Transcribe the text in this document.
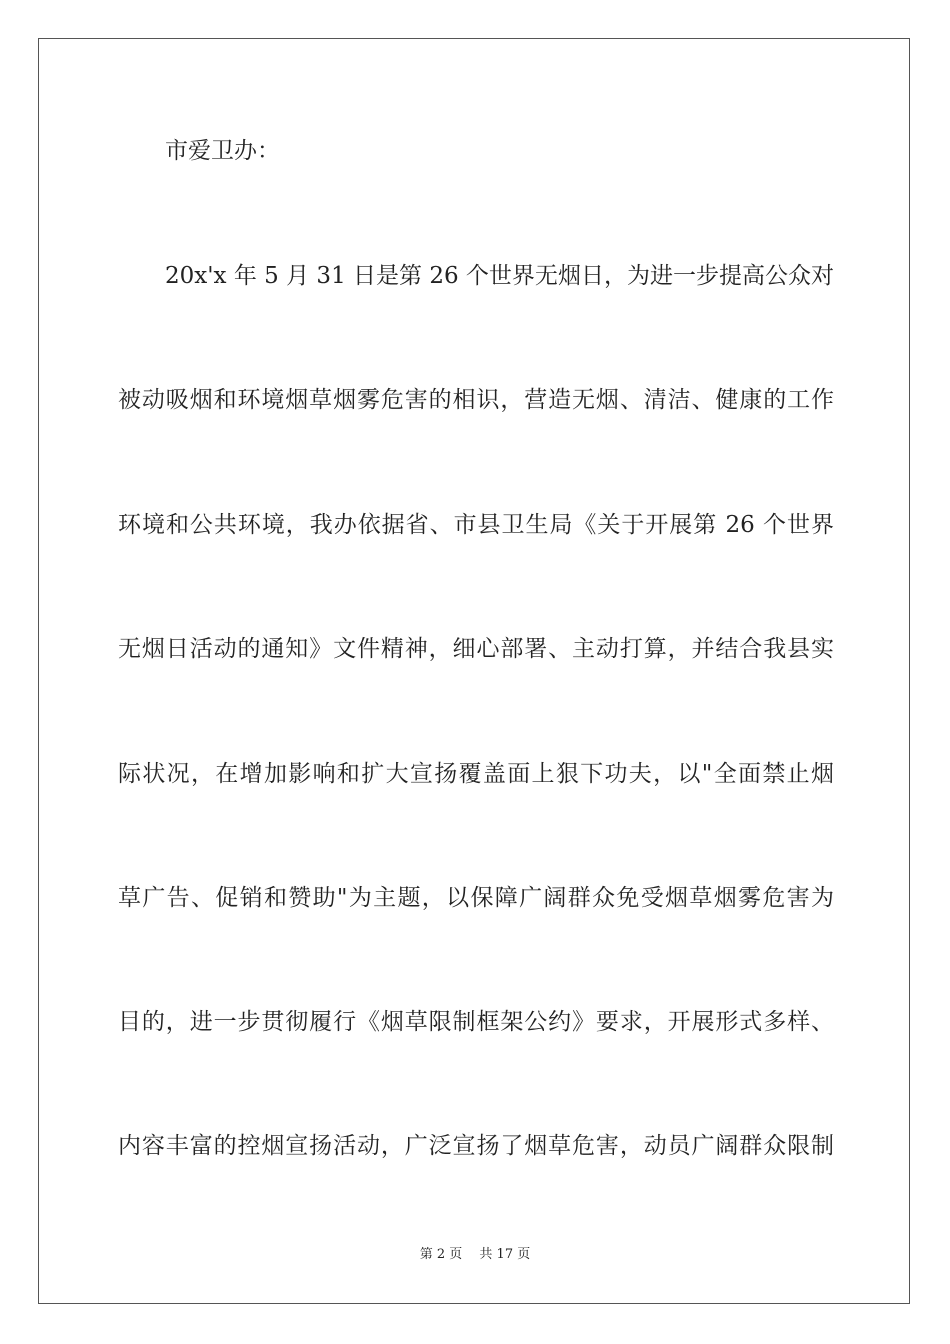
市爱卫办：
20x'x 年 5 月 31 日是第 26 个世界无烟日，为进一步提高公众对
被动吸烟和环境烟草烟雾危害的相识，营造无烟、清洁、健康的工作
环境和公共环境，我办依据省、市县卫生局《关于开展第 26 个世界
无烟日活动的通知》文件精神，细心部署、主动打算，并结合我县实
际状况，在增加影响和扩大宣扬覆盖面上狠下功夫，以"全面禁止烟
草广告、促销和赞助"为主题，以保障广阔群众免受烟草烟雾危害为
目的，进一步贯彻履行《烟草限制框架公约》要求，开展形式多样、
内容丰富的控烟宣扬活动，广泛宣扬了烟草危害，动员广阔群众限制
第 2 页　 共 17 页
